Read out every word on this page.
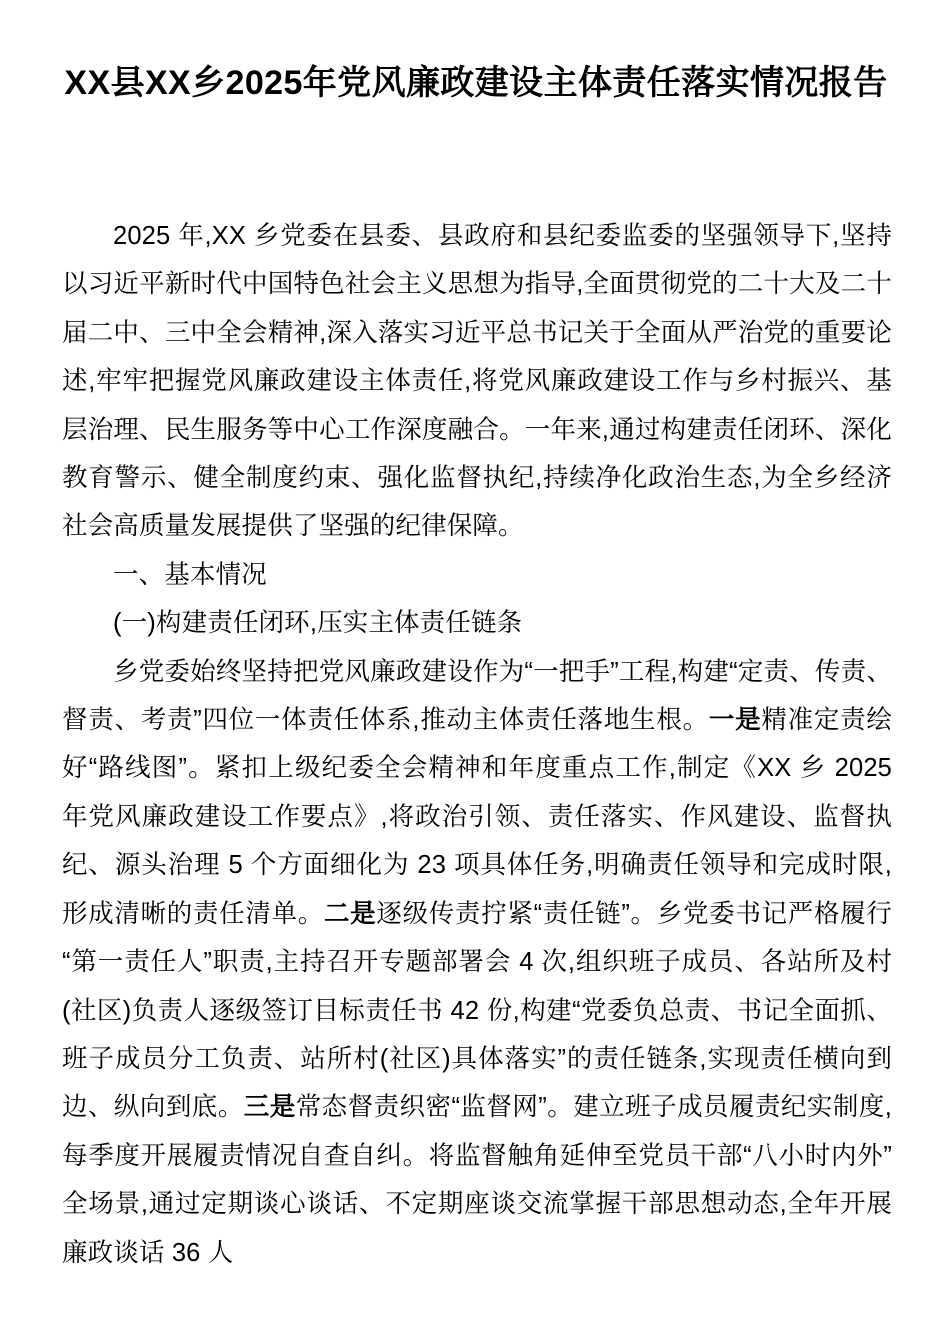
XX县XX乡2025年党风廉政建设主体责任落实情况报告

2025 年,XX 乡党委在县委、县政府和县纪委监委的坚强领导下,坚持以习近平新时代中国特色社会主义思想为指导,全面贯彻党的二十大及二十届二中、三中全会精神,深入落实习近平总书记关于全面从严治党的重要论述,牢牢把握党风廉政建设主体责任,将党风廉政建设工作与乡村振兴、基层治理、民生服务等中心工作深度融合。一年来,通过构建责任闭环、深化教育警示、健全制度约束、强化监督执纪,持续净化政治生态,为全乡经济社会高质量发展提供了坚强的纪律保障。

一、基本情况

(一)构建责任闭环,压实主体责任链条

乡党委始终坚持把党风廉政建设作为“一把手”工程,构建“定责、传责、督责、考责”四位一体责任体系,推动主体责任落地生根。一是精准定责绘好“路线图”。紧扣上级纪委全会精神和年度重点工作,制定《XX 乡 2025 年党风廉政建设工作要点》,将政治引领、责任落实、作风建设、监督执纪、源头治理 5 个方面细化为 23 项具体任务,明确责任领导和完成时限,形成清晰的责任清单。二是逐级传责拧紧“责任链”。乡党委书记严格履行“第一责任人”职责,主持召开专题部署会 4 次,组织班子成员、各站所及村(社区)负责人逐级签订目标责任书 42 份,构建“党委负总责、书记全面抓、班子成员分工负责、站所村(社区)具体落实”的责任链条,实现责任横向到边、纵向到底。三是常态督责织密“监督网”。建立班子成员履责纪实制度,每季度开展履责情况自查自纠。将监督触角延伸至党员干部“八小时内外”全场景,通过定期谈心谈话、不定期座谈交流掌握干部思想动态,全年开展廉政谈话 36 人
